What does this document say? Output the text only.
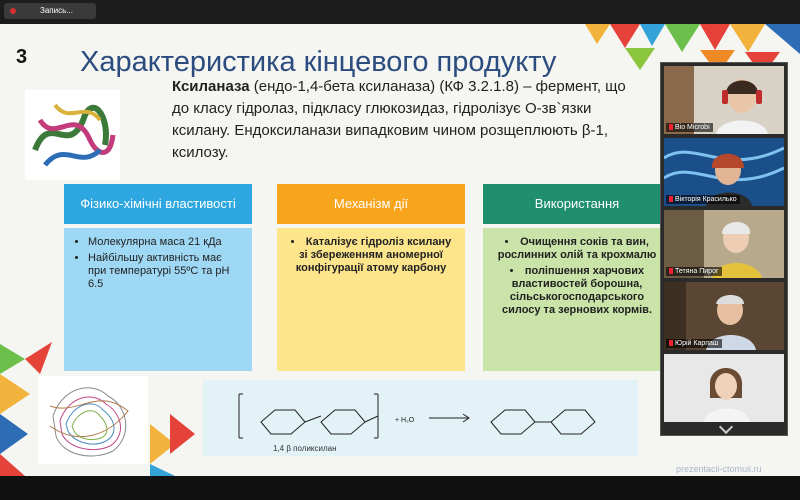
Запись...
3 Характеристика кінцевого продукту
Ксиланаза (ендо-1,4-бета ксиланаза) (КФ 3.2.1.8) – фермент, що
до класу гідролаз, підкласу глюкозидаз, гідролізує О-зв`язки
ксилану. Ендоксиланази випадковим чином розщеплюють β-1,
ксилозу.
Фізико-хімічні властивості
• Молекулярна маса 21 кДа
• Найбільшу активність має при температурі 55ºС та рН 6.5
Механізм дії
• Каталізує гідроліз ксилану зі збереженням аномерної конфігурації атому карбону
Використання
• Очищення соків та вин, рослинних олій та крохмалю
• поліпшення харчових властивостей борошна, сільськогосподарського силосу та зернових кормів.
+ H₂O
1,4 β поликсилан
prezentacii-ctomuii.ru
Bio Microbi
Вікторія Красилько
Тетяна Пирог
Юрій Карпаш
